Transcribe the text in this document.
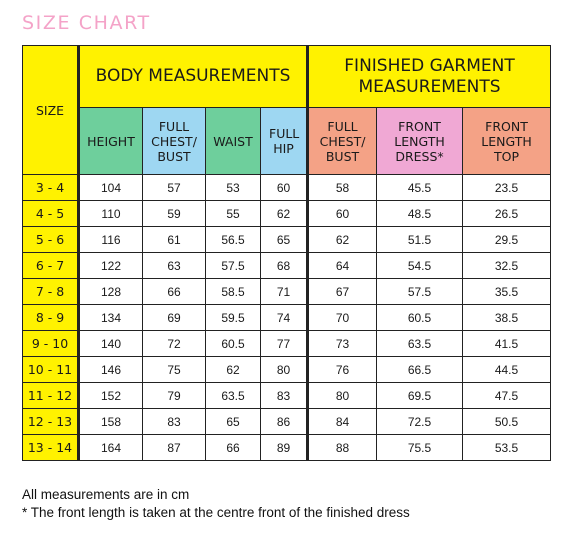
SIZE CHART
SIZE	BODY MEASUREMENTS				FINISHED GARMENT MEASUREMENTS		
	HEIGHT	FULL CHEST/ BUST	WAIST	FULL HIP	FULL CHEST/ BUST	FRONT LENGTH DRESS*	FRONT LENGTH TOP
3 - 4	104	57	53	60	58	45.5	23.5
4 - 5	110	59	55	62	60	48.5	26.5
5 - 6	116	61	56.5	65	62	51.5	29.5
6 - 7	122	63	57.5	68	64	54.5	32.5
7 - 8	128	66	58.5	71	67	57.5	35.5
8 - 9	134	69	59.5	74	70	60.5	38.5
9 - 10	140	72	60.5	77	73	63.5	41.5
10 - 11	146	75	62	80	76	66.5	44.5
11 - 12	152	79	63.5	83	80	69.5	47.5
12 - 13	158	83	65	86	84	72.5	50.5
13 - 14	164	87	66	89	88	75.5	53.5
All measurements are in cm
* The front length is taken at the centre front of the finished dress
